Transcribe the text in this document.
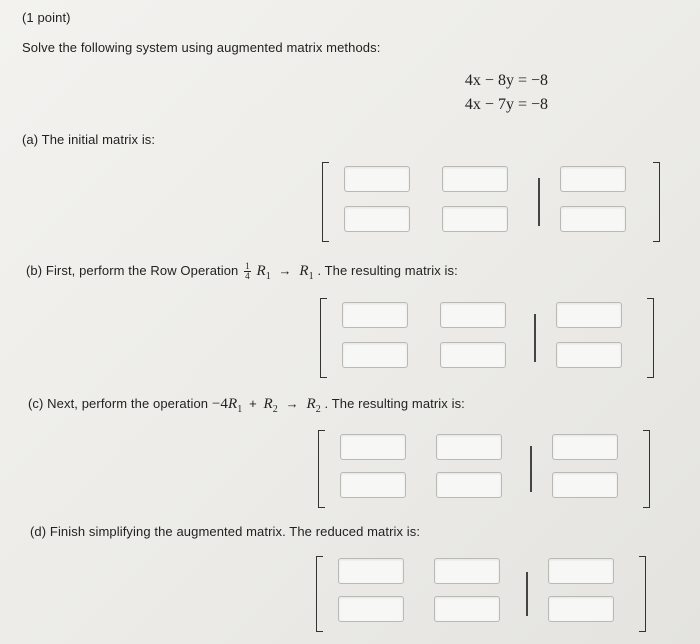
(1 point)
Solve the following system using augmented matrix methods:
4x − 8y = −8
4x − 7y = −8
(a) The initial matrix is:
(b) First, perform the Row Operation $\frac{1}{4} R_1 \to R_1$ . The resulting matrix is:
(c) Next, perform the operation $-4R_1 + R_2 \to R_2$ . The resulting matrix is:
(d) Finish simplifying the augmented matrix. The reduced matrix is:
